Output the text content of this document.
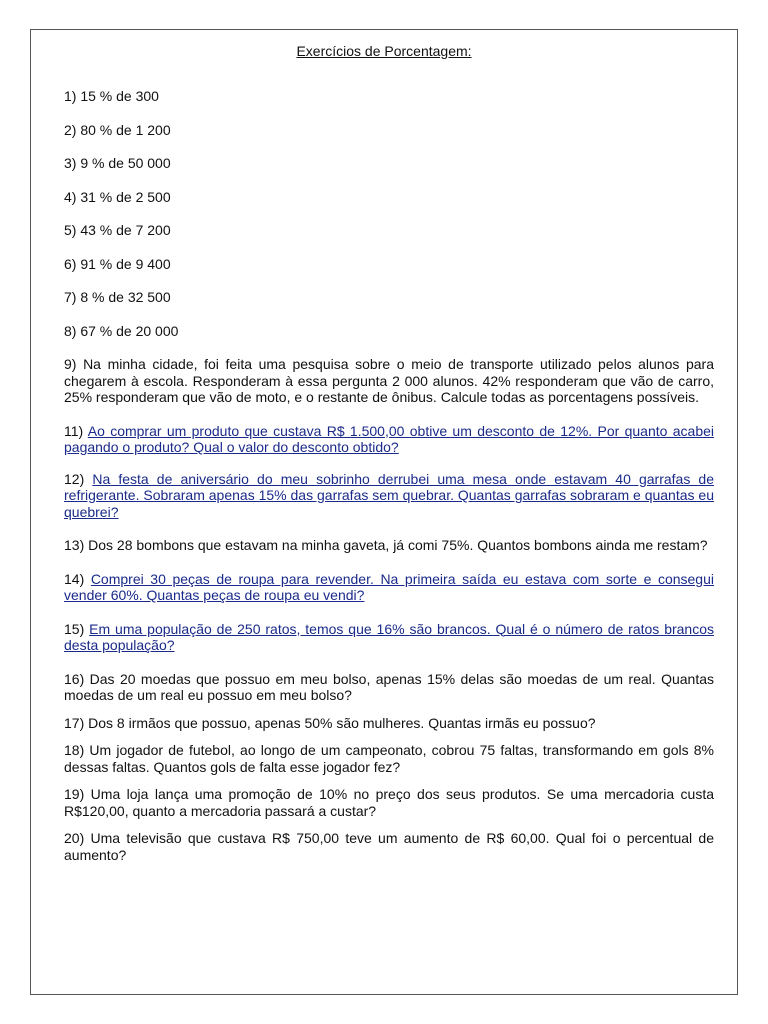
Exercícios de Porcentagem:
1) 15 % de 300
2) 80 % de 1 200
3) 9 % de 50 000
4) 31 % de 2 500
5) 43 % de 7 200
6) 91 % de 9 400
7) 8 % de 32 500
8) 67 % de 20 000
9) Na minha cidade, foi feita uma pesquisa sobre o meio de transporte utilizado pelos alunos para chegarem à escola. Responderam à essa pergunta 2 000 alunos. 42% responderam que vão de carro, 25% responderam que vão de moto, e o restante de ônibus. Calcule todas as porcentagens possíveis.
11) Ao comprar um produto que custava R$ 1.500,00 obtive um desconto de 12%. Por quanto acabei pagando o produto? Qual o valor do desconto obtido?
12) Na festa de aniversário do meu sobrinho derrubei uma mesa onde estavam 40 garrafas de refrigerante. Sobraram apenas 15% das garrafas sem quebrar. Quantas garrafas sobraram e quantas eu quebrei?
13) Dos 28 bombons que estavam na minha gaveta, já comi 75%. Quantos bombons ainda me restam?
14) Comprei 30 peças de roupa para revender. Na primeira saída eu estava com sorte e consegui vender 60%. Quantas peças de roupa eu vendi?
15) Em uma população de 250 ratos, temos que 16% são brancos. Qual é o número de ratos brancos desta população?
16) Das 20 moedas que possuo em meu bolso, apenas 15% delas são moedas de um real. Quantas moedas de um real eu possuo em meu bolso?
17) Dos 8 irmãos que possuo, apenas 50% são mulheres. Quantas irmãs eu possuo?
18) Um jogador de futebol, ao longo de um campeonato, cobrou 75 faltas, transformando em gols 8% dessas faltas. Quantos gols de falta esse jogador fez?
19) Uma loja lança uma promoção de 10% no preço dos seus produtos. Se uma mercadoria custa R$120,00, quanto a mercadoria passará a custar?
20) Uma televisão que custava R$ 750,00 teve um aumento de R$ 60,00. Qual foi o percentual de aumento?
